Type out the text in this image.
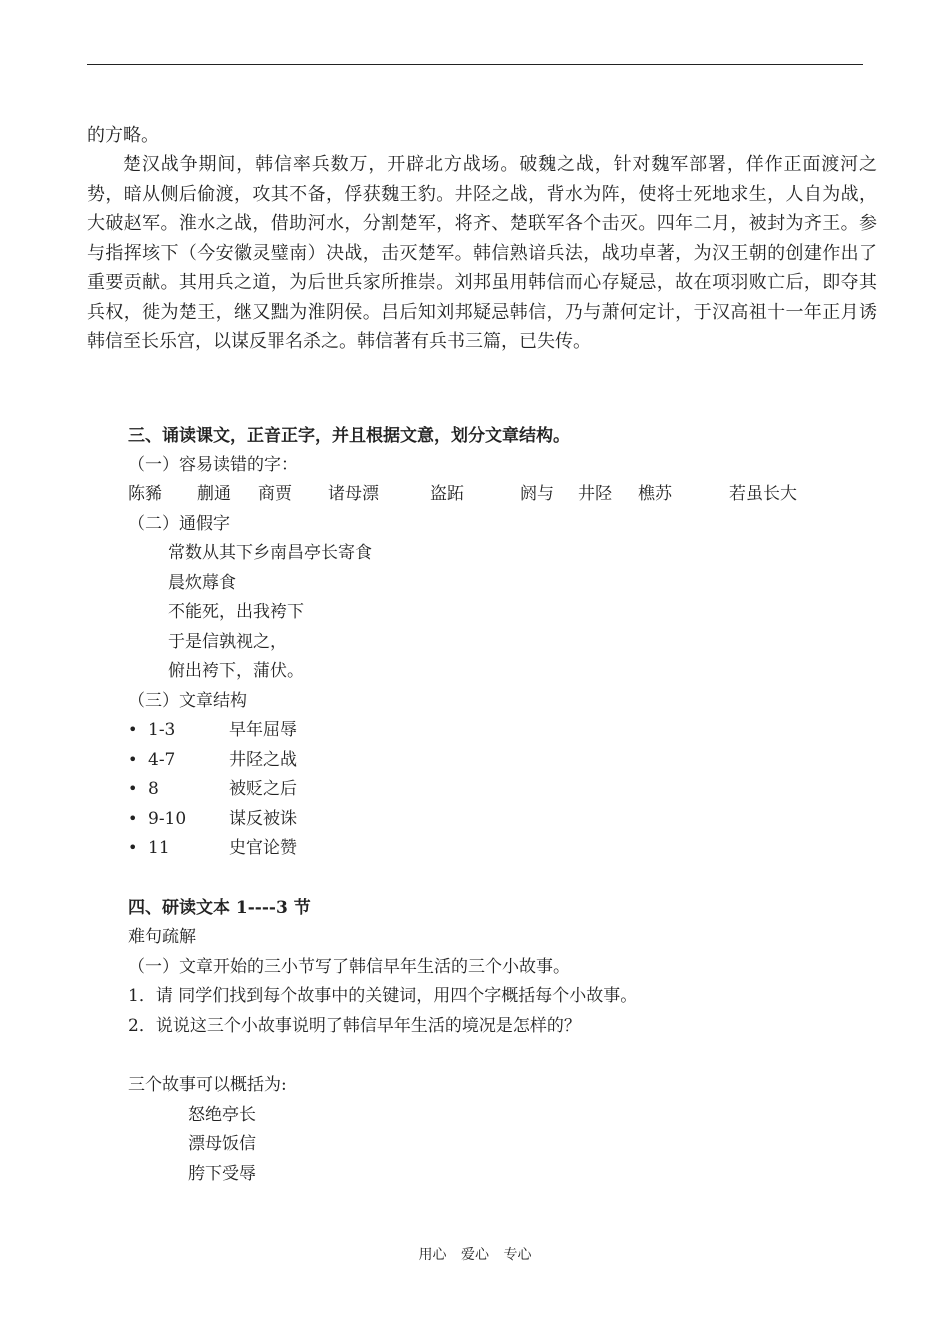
的方略。

楚汉战争期间，韩信率兵数万，开辟北方战场。破魏之战，针对魏军部署，佯作正面渡河之势，暗从侧后偷渡，攻其不备，俘获魏王豹。井陉之战，背水为阵，使将士死地求生，人自为战，大破赵军。淮水之战，借助河水，分割楚军，将齐、楚联军各个击灭。四年二月，被封为齐王。参与指挥垓下（今安徽灵璧南）决战，击灭楚军。韩信熟谙兵法，战功卓著，为汉王朝的创建作出了重要贡献。其用兵之道，为后世兵家所推崇。刘邦虽用韩信而心存疑忌，故在项羽败亡后，即夺其兵权，徙为楚王，继又黜为淮阴侯。吕后知刘邦疑忌韩信，乃与萧何定计，于汉高祖十一年正月诱韩信至长乐宫，以谋反罪名杀之。韩信著有兵书三篇，已失传。

三、诵读课文，正音正字，并且根据文意，划分文章结构。

（一）容易读错的字：

陈豨 蒯通 商贾 诸母漂	盗跖	阏与 井陉 樵苏	若虽长大

（二）通假字

常数从其下乡南昌亭长寄食

晨炊蓐食

不能死，出我袴下

于是信孰视之，

俯出袴下，蒲伏。

（三）文章结构

• 1-3	早年屈辱
• 4-7	井陉之战
• 8	被贬之后
• 9-10	谋反被诛
• 11	史官论赞

四、研读文本 1----3 节

难句疏解

（一）文章开始的三小节写了韩信早年生活的三个小故事。

1．请 同学们找到每个故事中的关键词，用四个字概括每个小故事。

2．说说这三个小故事说明了韩信早年生活的境况是怎样的？

三个故事可以概括为:

怒绝亭长

漂母饭信

胯下受辱

用心 爱心 专心
